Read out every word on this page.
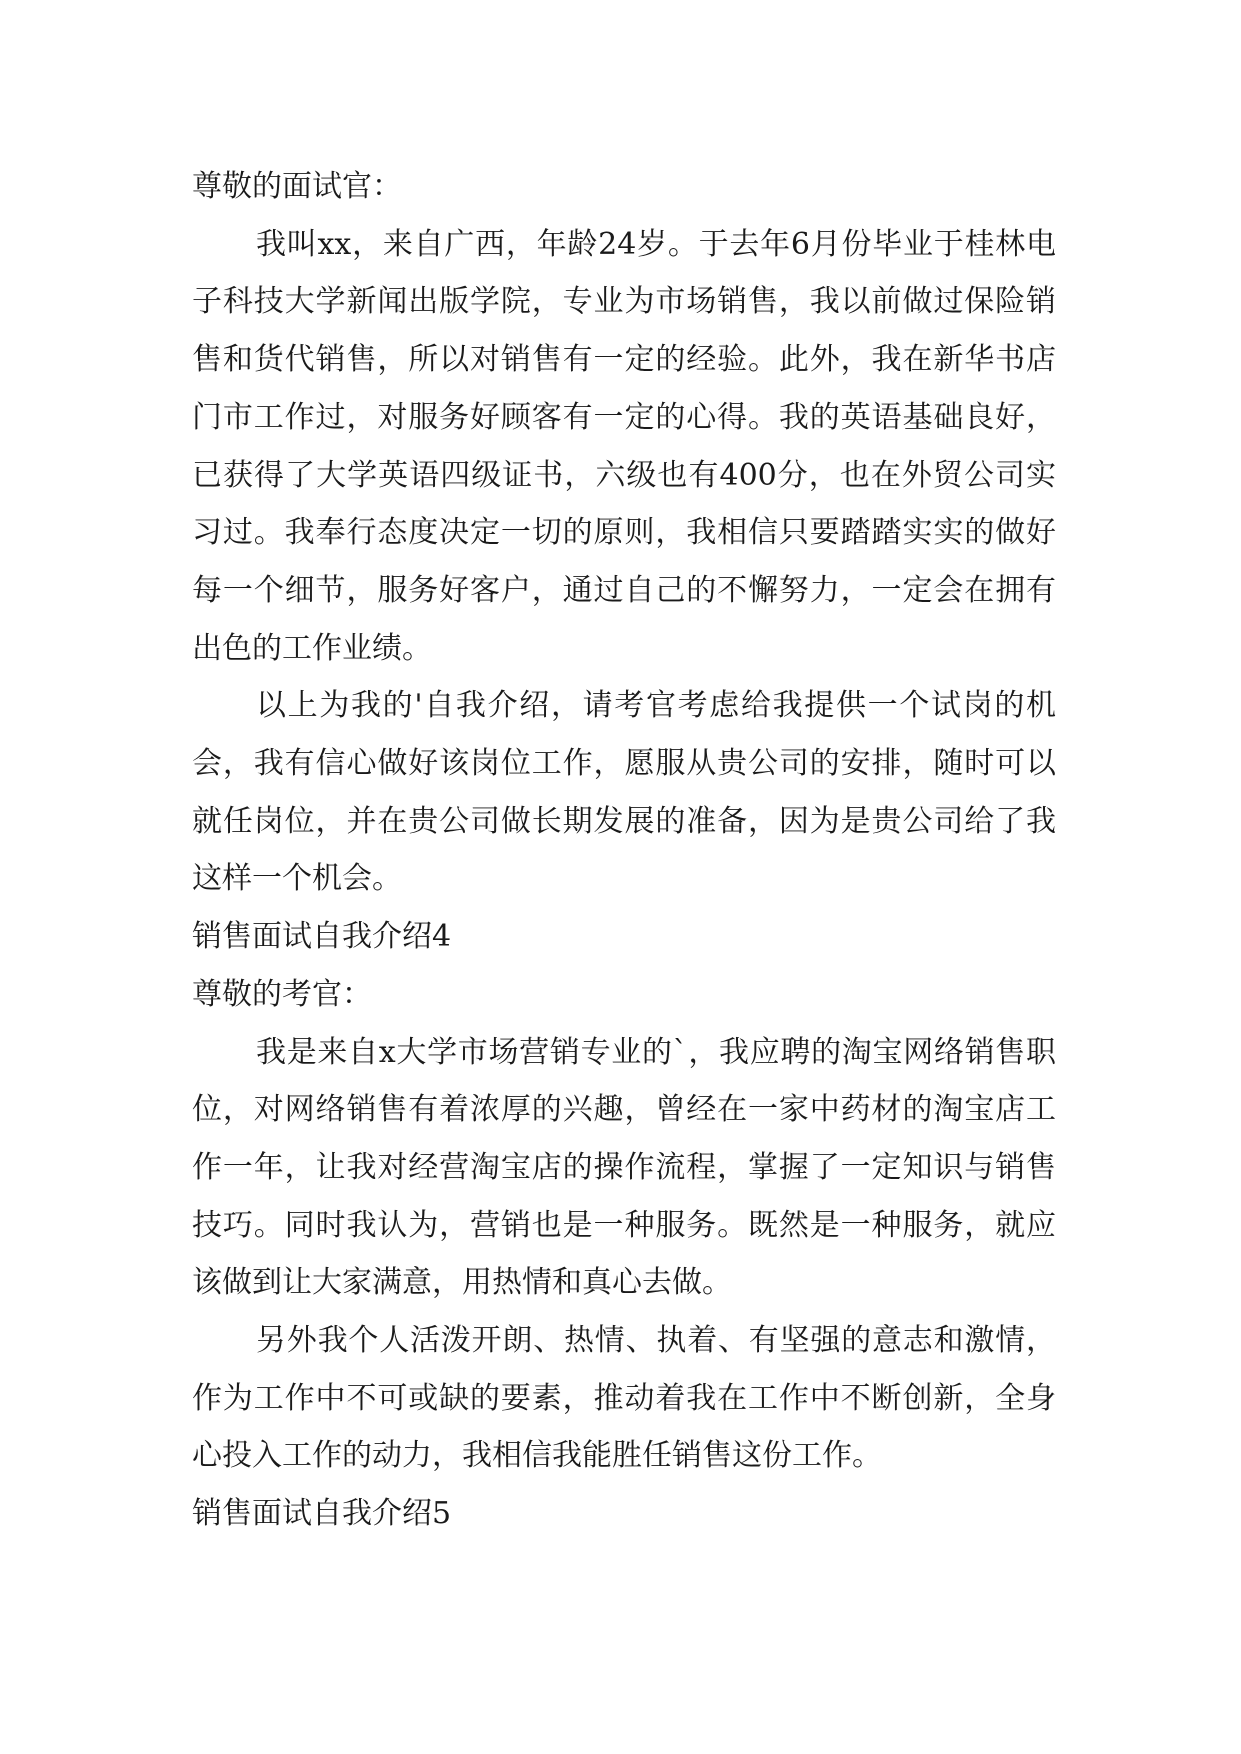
尊敬的面试官：
我叫xx，来自广西，年龄24岁。于去年6月份毕业于桂林电子科技大学新闻出版学院，专业为市场销售，我以前做过保险销售和货代销售，所以对销售有一定的经验。此外，我在新华书店门市工作过，对服务好顾客有一定的心得。我的英语基础良好，已获得了大学英语四级证书，六级也有400分，也在外贸公司实习过。我奉行态度决定一切的原则，我相信只要踏踏实实的做好每一个细节，服务好客户，通过自己的不懈努力，一定会在拥有出色的工作业绩。
以上为我的'自我介绍，请考官考虑给我提供一个试岗的机会，我有信心做好该岗位工作，愿服从贵公司的安排，随时可以就任岗位，并在贵公司做长期发展的准备，因为是贵公司给了我这样一个机会。
销售面试自我介绍4
尊敬的考官：
我是来自x大学市场营销专业的`，我应聘的淘宝网络销售职位，对网络销售有着浓厚的兴趣，曾经在一家中药材的淘宝店工作一年，让我对经营淘宝店的操作流程，掌握了一定知识与销售技巧。同时我认为，营销也是一种服务。既然是一种服务，就应该做到让大家满意，用热情和真心去做。
另外我个人活泼开朗、热情、执着、有坚强的意志和激情，作为工作中不可或缺的要素，推动着我在工作中不断创新，全身心投入工作的动力，我相信我能胜任销售这份工作。
销售面试自我介绍5
